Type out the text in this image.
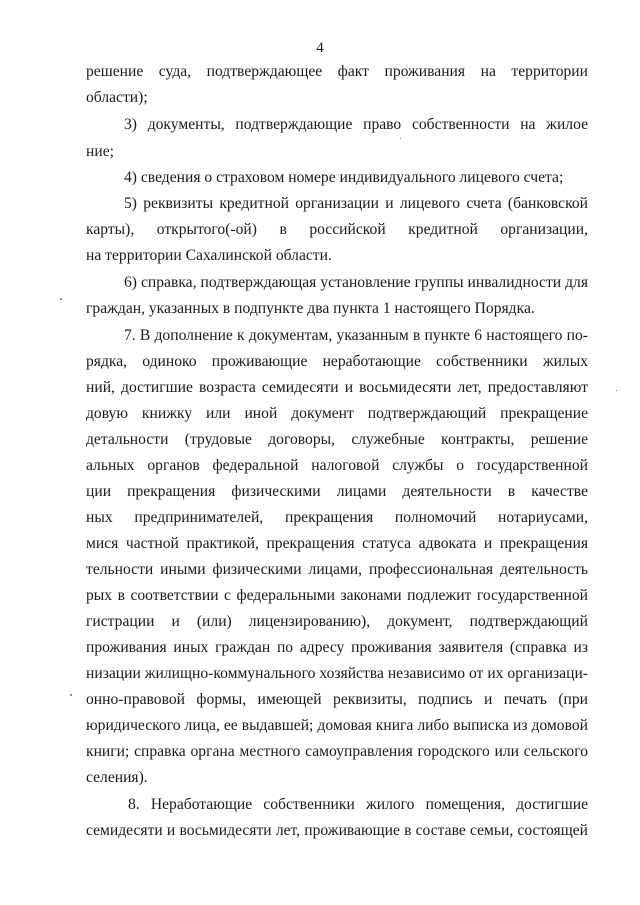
4
решение суда, подтверждающее факт проживания на территории
области);
3) документы, подтверждающие право собственности на жилое
ние;
4) сведения о страховом номере индивидуального лицевого счета;
5) реквизиты кредитной организации и лицевого счета (банковской
карты), открытого(-ой) в российской кредитной организации,
на территории Сахалинской области.
6) справка, подтверждающая установление группы инвалидности для
граждан, указанных в подпункте два пункта 1 настоящего Порядка.
7. В дополнение к документам, указанным в пункте 6 настоящего по-
рядка, одиноко проживающие неработающие собственники жилых
ний, достигшие возраста семидесяти и восьмидесяти лет, предоставляют
довую книжку или иной документ подтверждающий прекращение
детальности (трудовые договоры, служебные контракты, решение
альных органов федеральной налоговой службы о государственной
ции прекращения физическими лицами деятельности в качестве
ных предпринимателей, прекращения полномочий нотариусами,
мися частной практикой, прекращения статуса адвоката и прекращения
тельности иными физическими лицами, профессиональная деятельность
рых в соответствии с федеральными законами подлежит государственной
гистрации и (или) лицензированию), документ, подтверждающий
проживания иных граждан по адресу проживания заявителя (справка из
низации жилищно-коммунального хозяйства независимо от их организаци-
онно-правовой формы, имеющей реквизиты, подпись и печать (при
юридического лица, ее выдавшей; домовая книга либо выписка из домовой
книги; справка органа местного самоуправления городского или сельского
селения).
8. Неработающие собственники жилого помещения, достигшие
семидесяти и восьмидесяти лет, проживающие в составе семьи, состоящей
